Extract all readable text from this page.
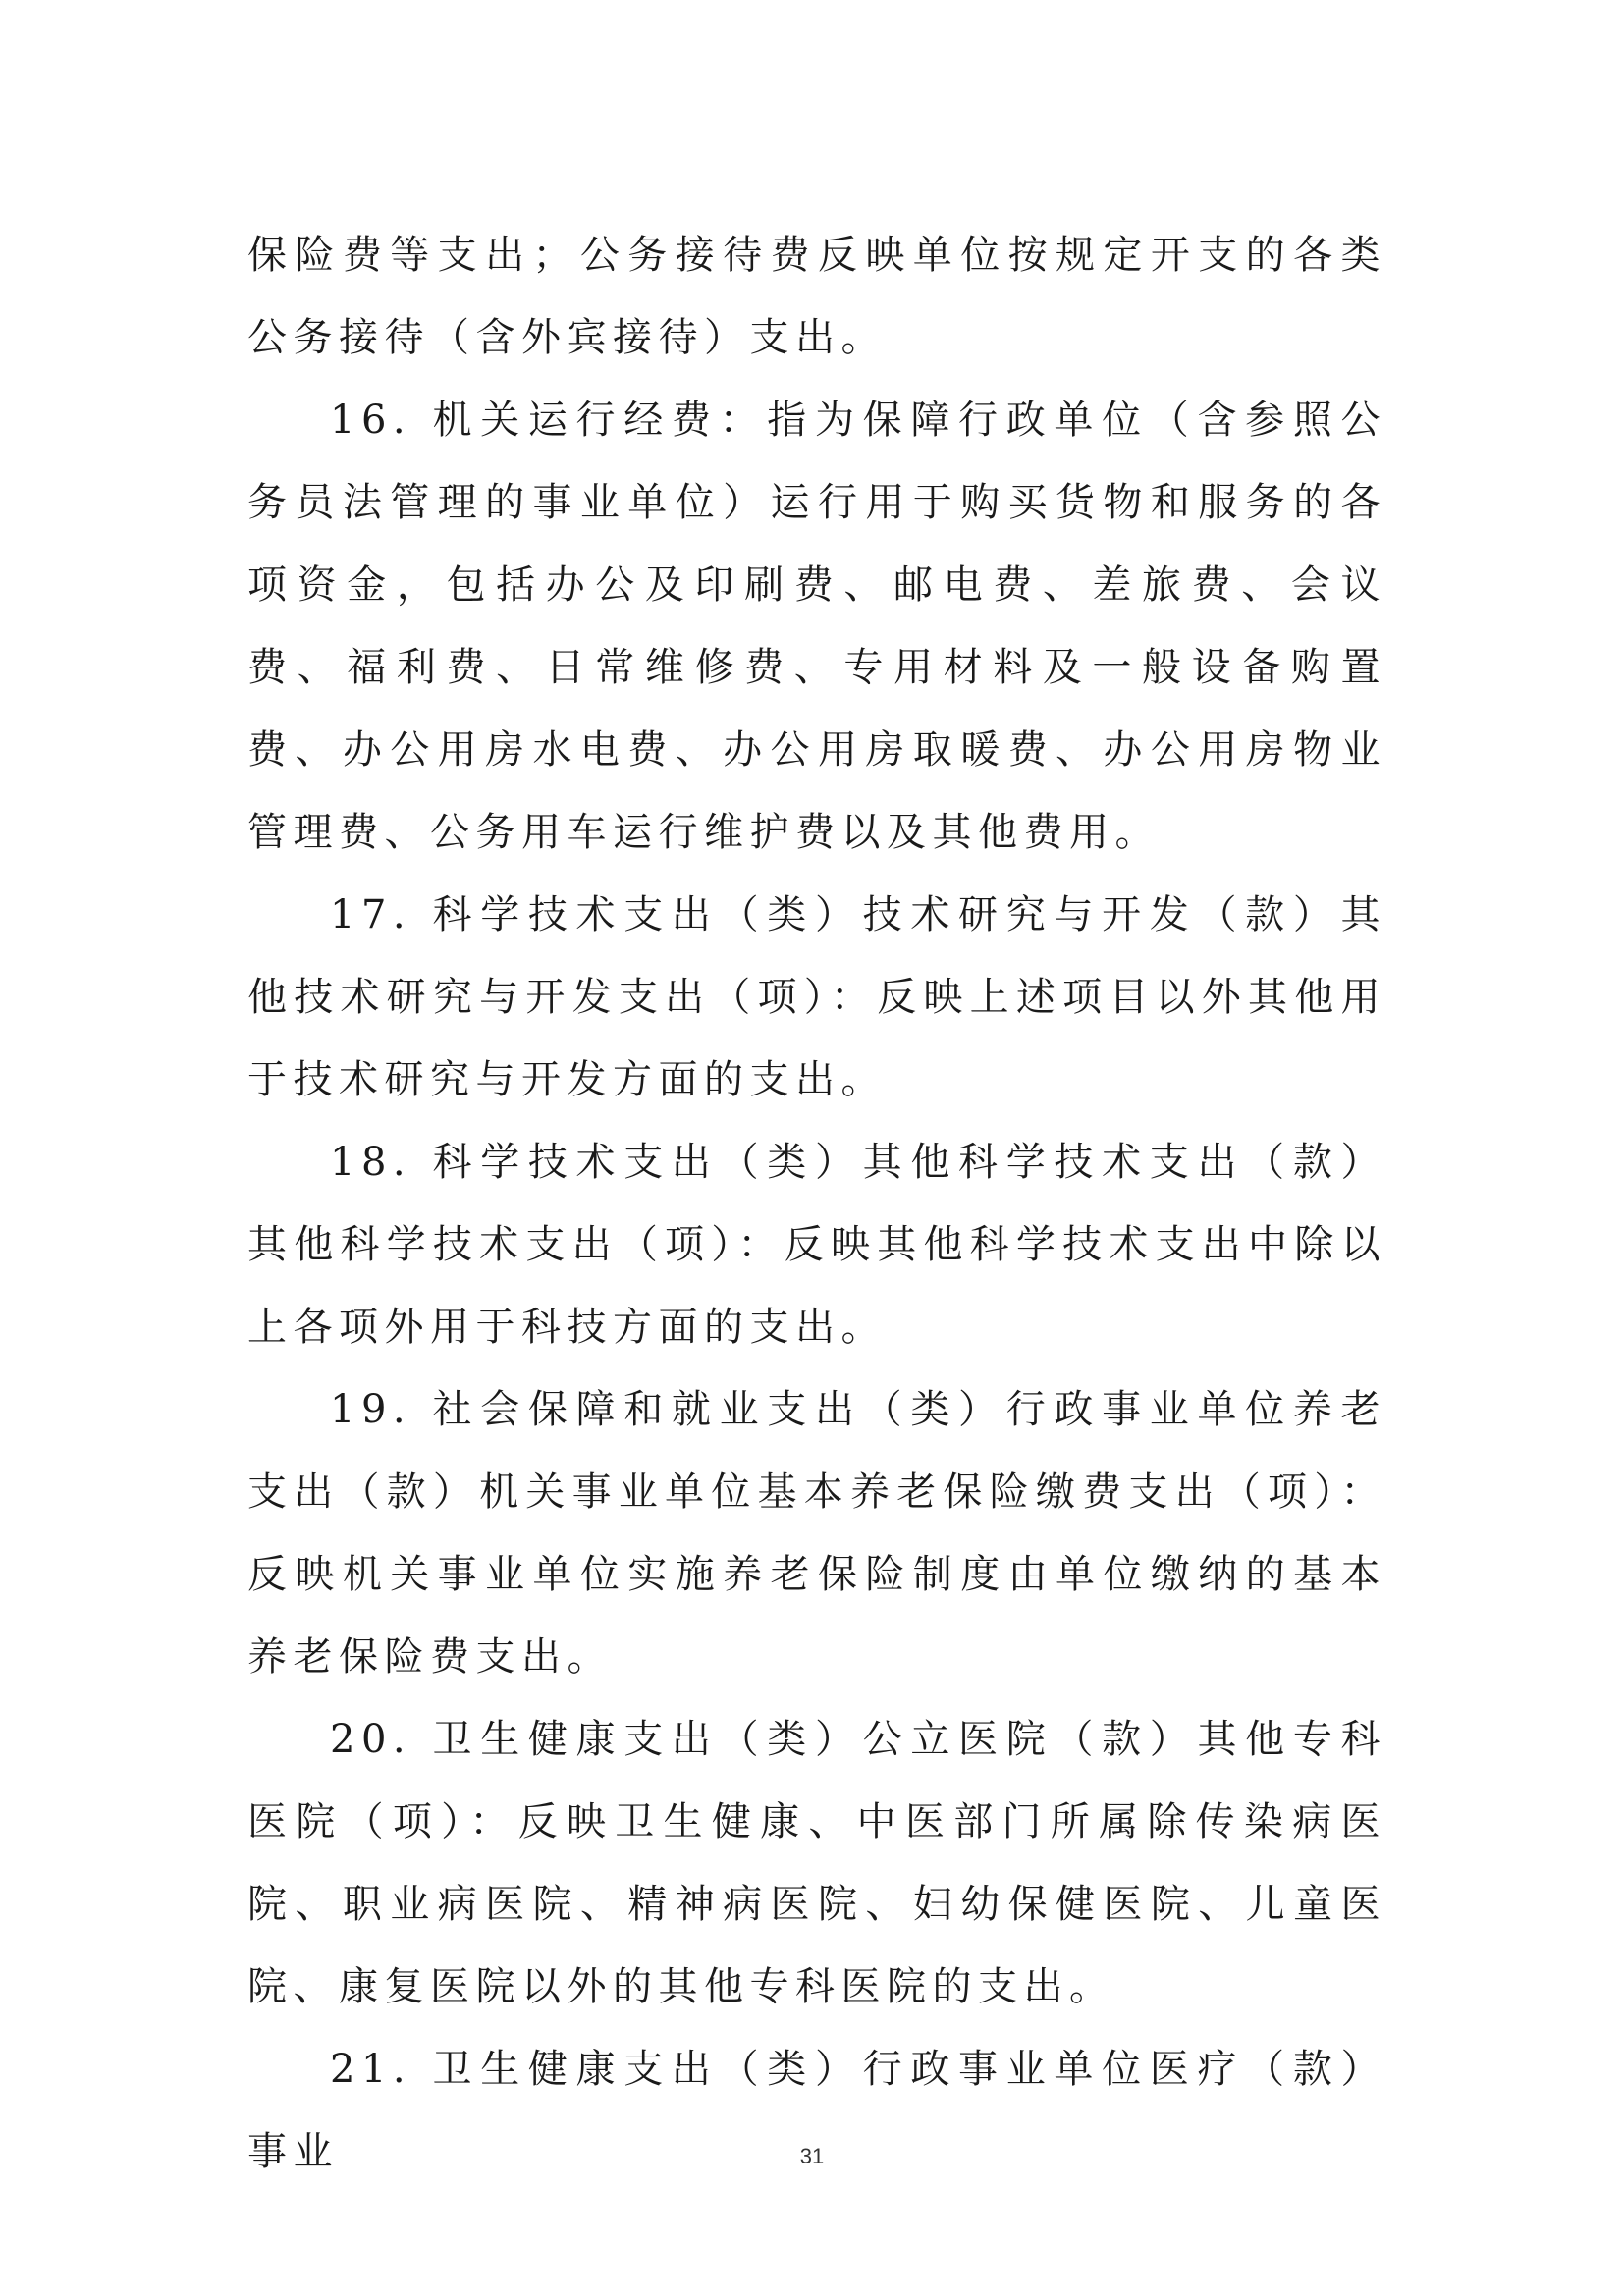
保险费等支出；公务接待费反映单位按规定开支的各类公务接待（含外宾接待）支出。

16. 机关运行经费：指为保障行政单位（含参照公务员法管理的事业单位）运行用于购买货物和服务的各项资金，包括办公及印刷费、邮电费、差旅费、会议费、福利费、日常维修费、专用材料及一般设备购置费、办公用房水电费、办公用房取暖费、办公用房物业管理费、公务用车运行维护费以及其他费用。

17. 科学技术支出（类）技术研究与开发（款）其他技术研究与开发支出（项）：反映上述项目以外其他用于技术研究与开发方面的支出。

18. 科学技术支出（类）其他科学技术支出（款）其他科学技术支出（项）：反映其他科学技术支出中除以上各项外用于科技方面的支出。

19. 社会保障和就业支出（类）行政事业单位养老支出（款）机关事业单位基本养老保险缴费支出（项）：反映机关事业单位实施养老保险制度由单位缴纳的基本养老保险费支出。

20. 卫生健康支出（类）公立医院（款）其他专科医院（项）：反映卫生健康、中医部门所属除传染病医院、职业病医院、精神病医院、妇幼保健医院、儿童医院、康复医院以外的其他专科医院的支出。

21. 卫生健康支出（类）行政事业单位医疗（款）事业	31
